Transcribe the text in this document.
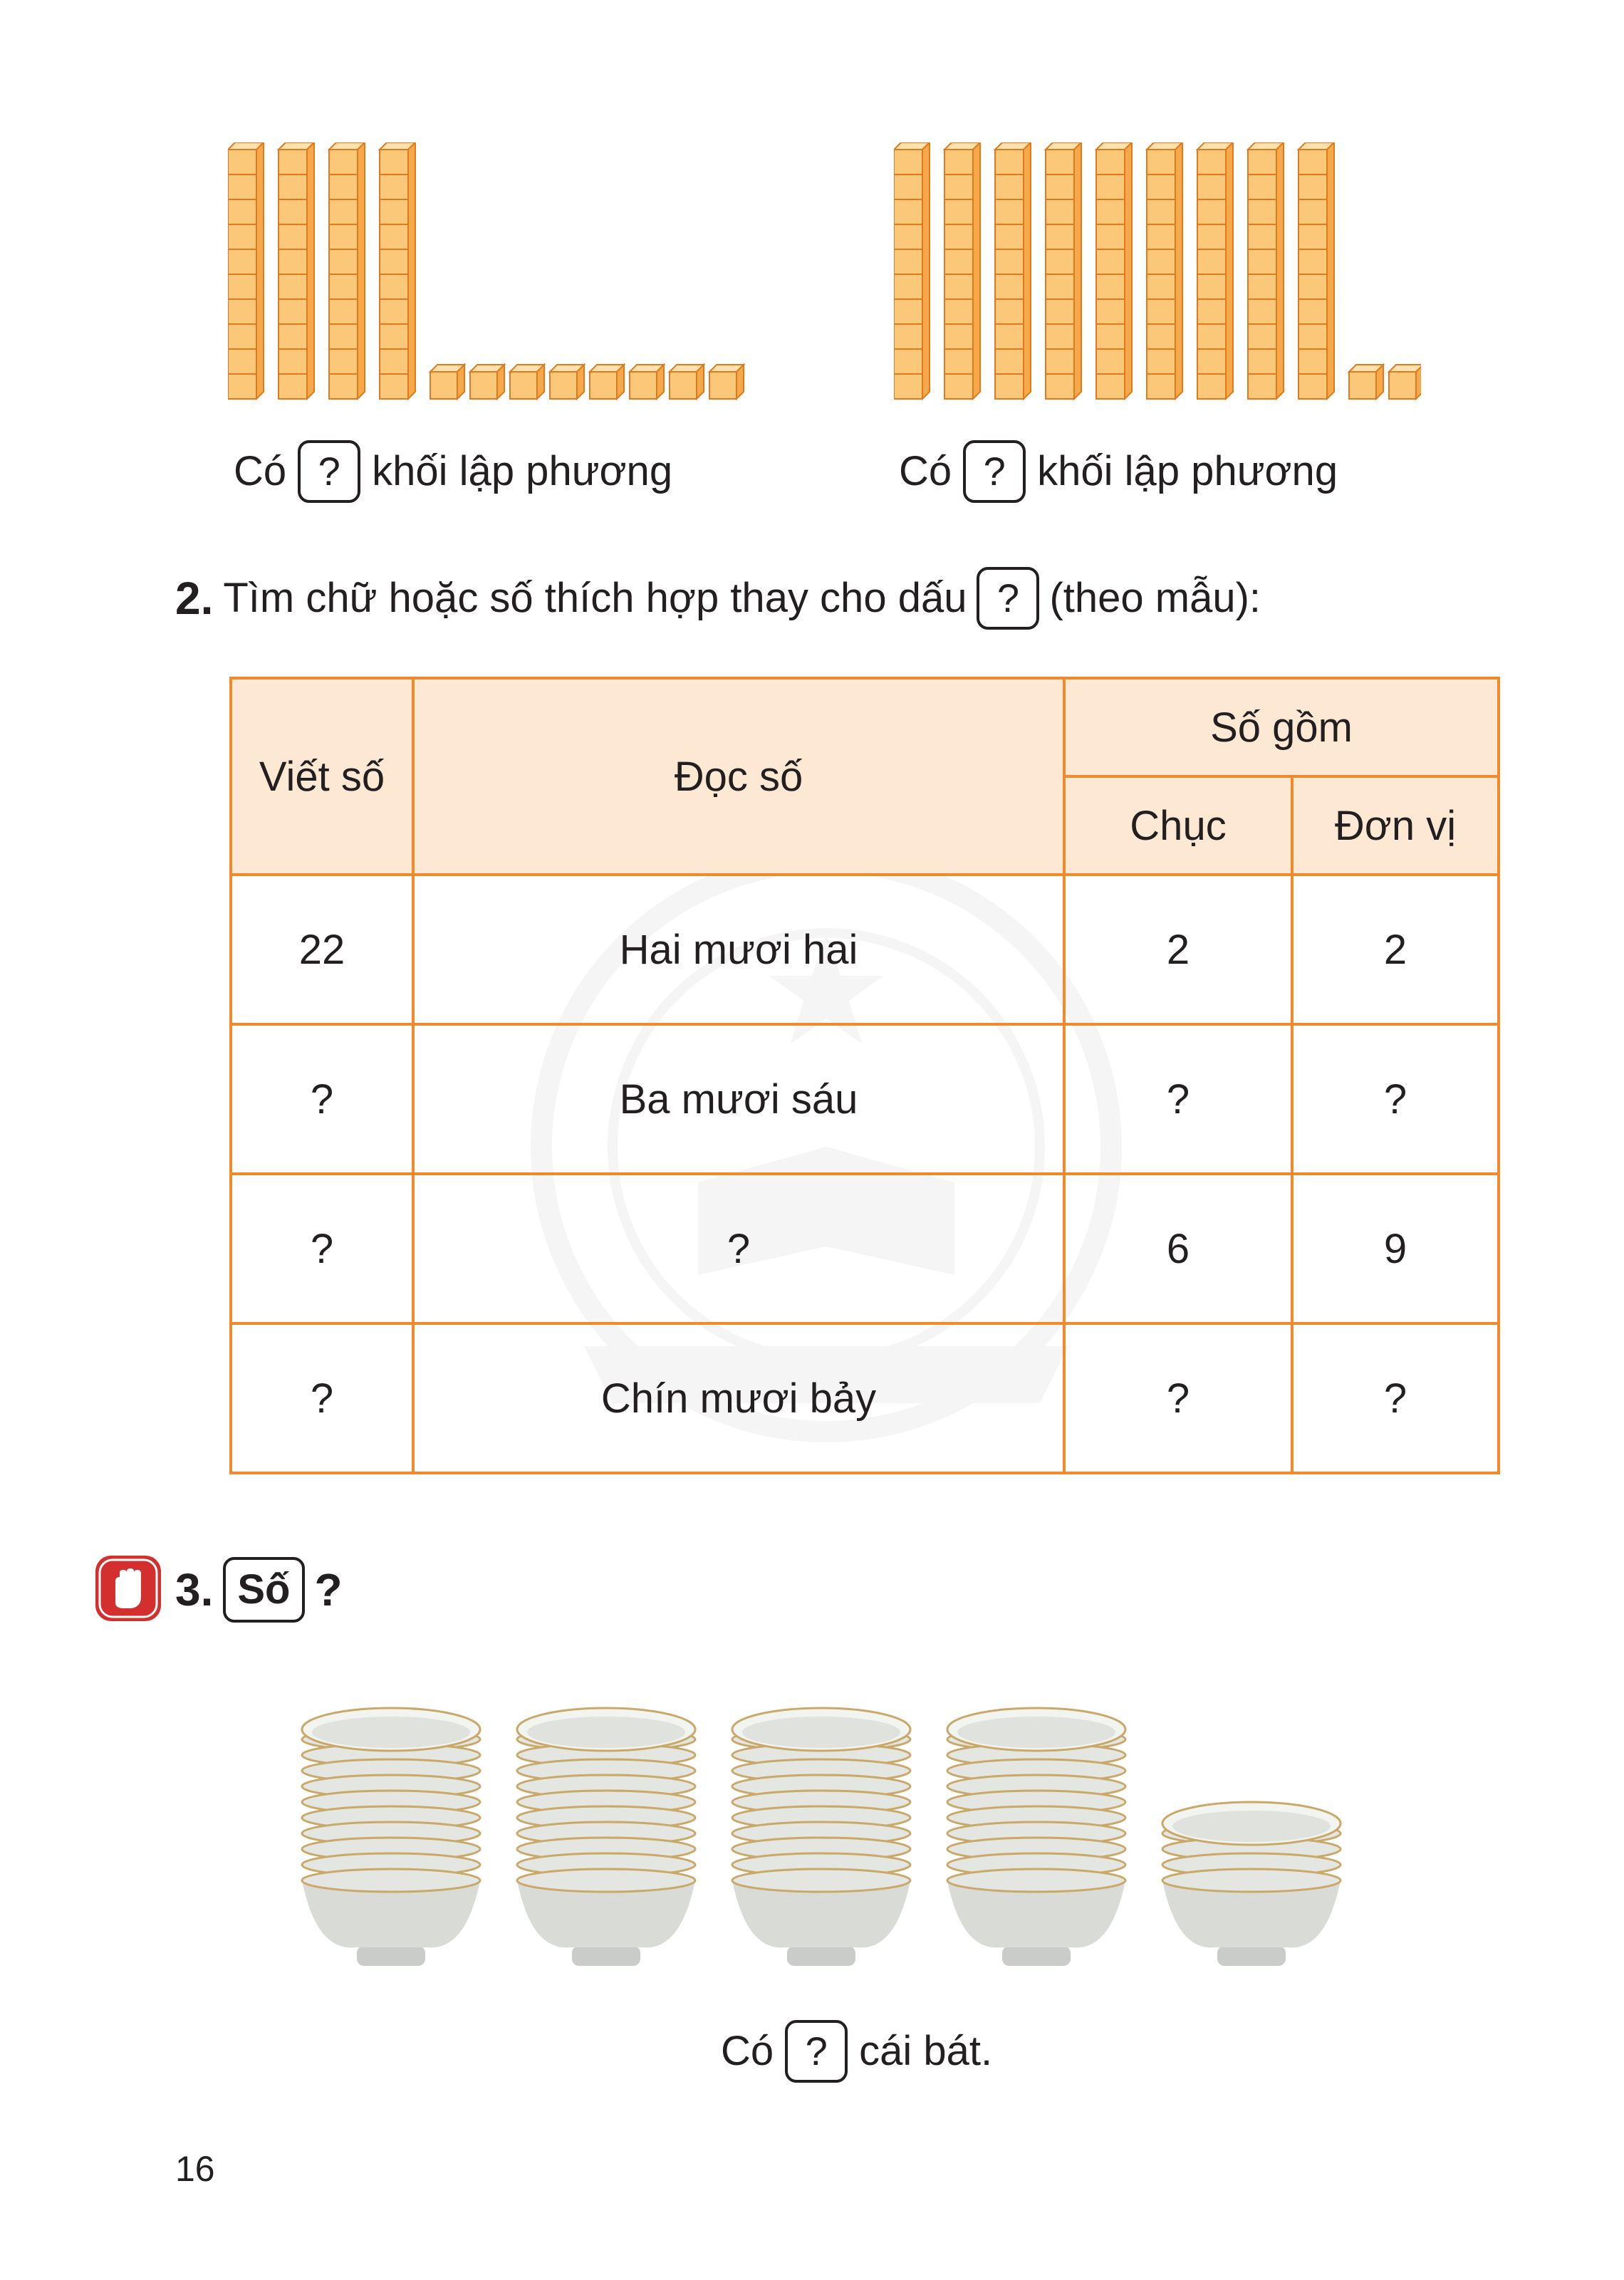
Có ? khối lập phương	Có ? khối lập phương
2. Tìm chữ hoặc số thích hợp thay cho dấu ? (theo mẫu):
Viết số	Đọc số	Số gồm	
		Chục	Đơn vị
22	Hai mươi hai	2	2
?	Ba mươi sáu	?	?
?	?	6	9
?	Chín mươi bảy	?	?
3. Số ?
Có ? cái bát.
16
